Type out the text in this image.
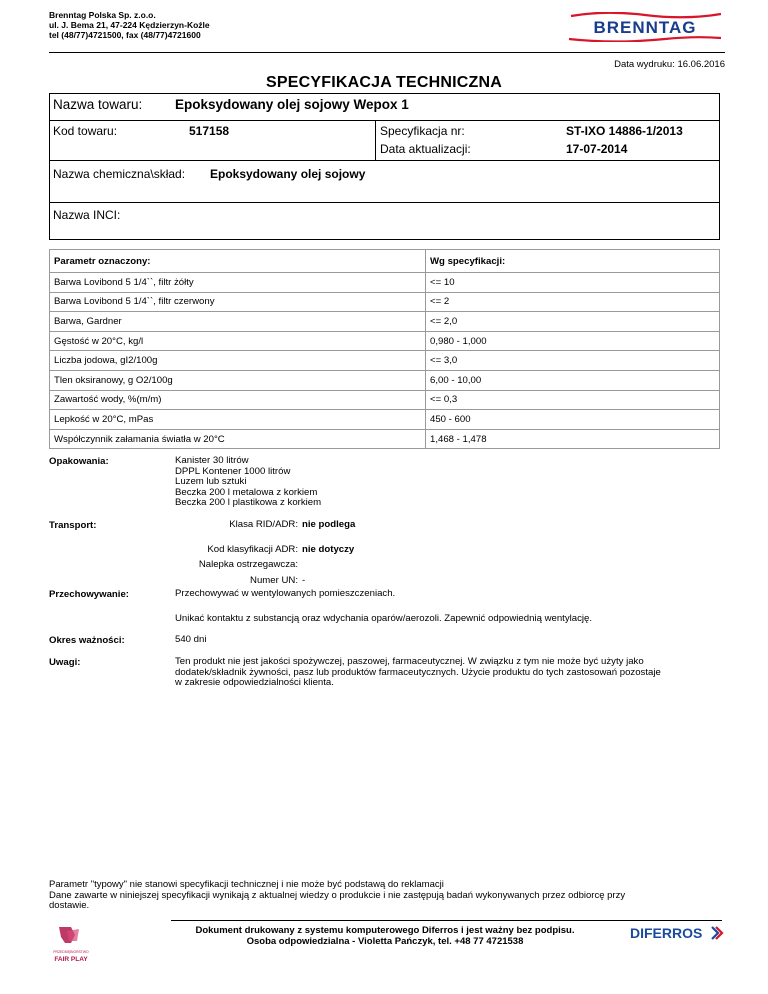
Brenntag Polska Sp. z.o.o.
ul. J. Bema 21, 47-224 Kędzierzyn-Koźle
tel (48/77)4721500, fax (48/77)4721600	BRENNTAG
Data wydruku: 16.06.2016
SPECYFIKACJA TECHNICZNA
Nazwa towaru: Epoksydowany olej sojowy Wepox 1
Kod towaru:	517158	Specyfikacja nr:	ST-IXO 14886-1/2013
Data aktualizacji:	17-07-2014
Nazwa chemiczna\skład: Epoksydowany olej sojowy
Nazwa INCI:
Parametr oznaczony:	Wg specyfikacji:
Barwa Lovibond 5 1/4``, filtr żółty	<= 10
Barwa Lovibond 5 1/4``, filtr czerwony	<= 2
Barwa, Gardner	<= 2,0
Gęstość w 20°C, kg/l	0,980 - 1,000
Liczba jodowa, gI2/100g	<= 3,0
Tlen oksiranowy, g O2/100g	6,00 - 10,00
Zawartość wody, %(m/m)	<= 0,3
Lepkość w 20°C, mPas	450 - 600
Współczynnik załamania światła w 20°C	1,468 - 1,478
Opakowania:	Kanister 30 litrów
DPPL Kontener 1000 litrów
Luzem lub sztuki
Beczka 200 l metalowa z korkiem
Beczka 200 l plastikowa z korkiem
Transport:	Klasa RID/ADR: nie podlega
Kod klasyfikacji ADR: nie dotyczy
Nalepka ostrzegawcza:
Numer UN: -
Przechowywanie:	Przechowywać w wentylowanych pomieszczeniach.
Unikać kontaktu z substancją oraz wdychania oparów/aerozoli. Zapewnić odpowiednią wentylację.
Okres ważności:	540 dni
Uwagi:	Ten produkt nie jest jakości spożywczej, paszowej, farmaceutycznej. W związku z tym nie może być użyty jako
dodatek/składnik żywności, pasz lub produktów farmaceutycznych. Użycie produktu do tych zastosowań pozostaje
w zakresie odpowiedzialności klienta.
Parametr "typowy" nie stanowi specyfikacji technicznej i nie może być podstawą do reklamacji
Dane zawarte w niniejszej specyfikacji wynikają z aktualnej wiedzy o produkcie i nie zastępują badań wykonywanych przez odbiorcę przy
dostawie.
PRZEDSIĘBIORSTWO
FAIR PLAY
Dokument drukowany z systemu komputerowego Diferros i jest ważny bez podpisu.
Osoba odpowiedzialna - Violetta Pańczyk, tel. +48 77 4721538
DIFERROS
